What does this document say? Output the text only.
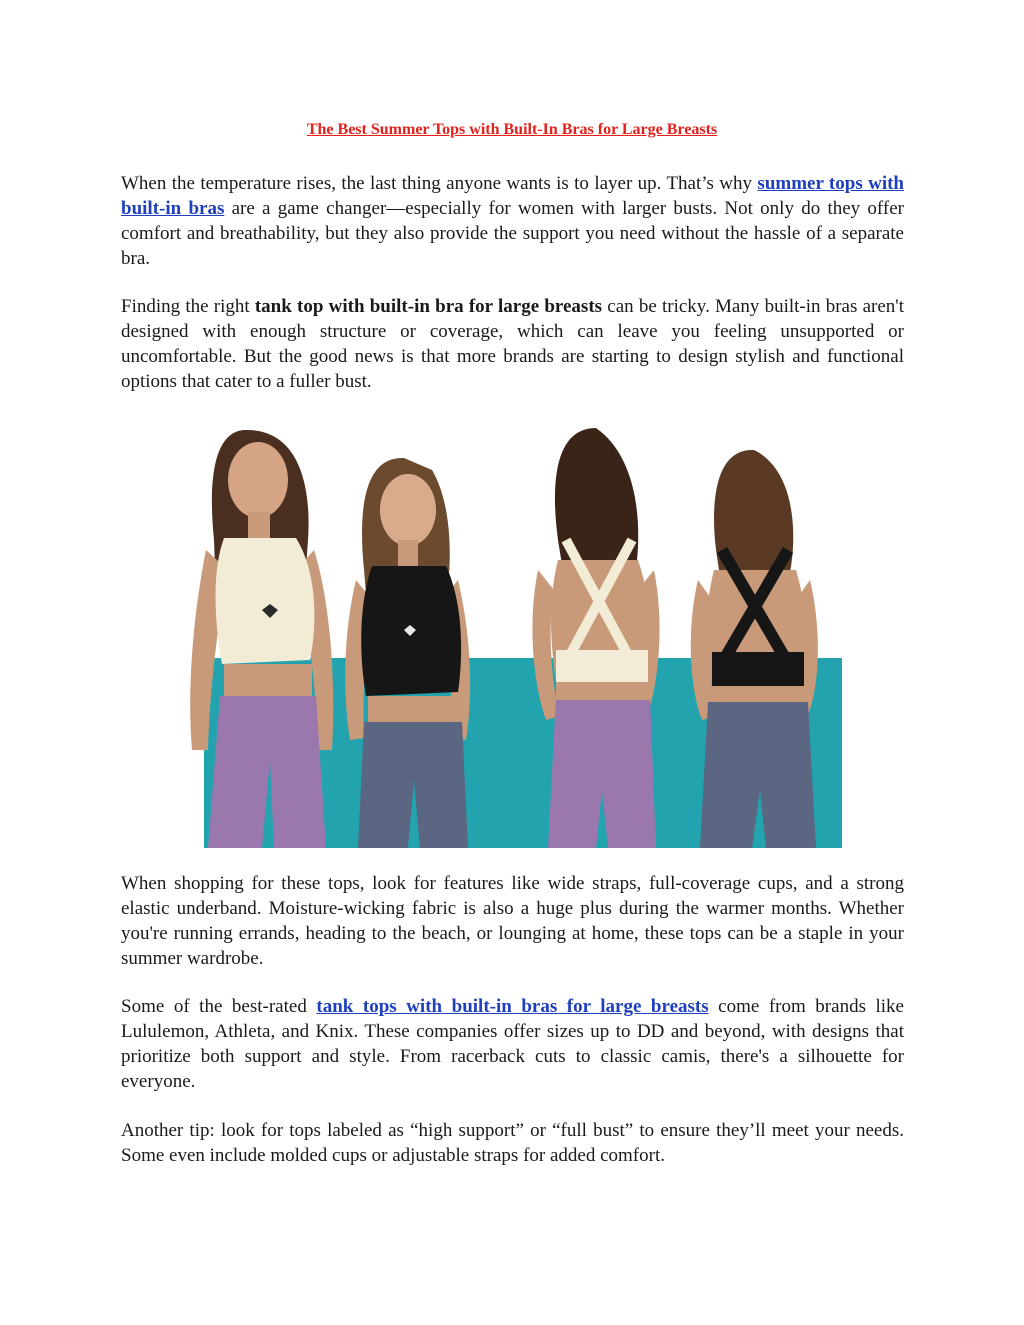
The Best Summer Tops with Built-In Bras for Large Breasts

When the temperature rises, the last thing anyone wants is to layer up. That’s why summer tops with built-in bras are a game changer—especially for women with larger busts. Not only do they offer comfort and breathability, but they also provide the support you need without the hassle of a separate bra.

Finding the right tank top with built-in bra for large breasts can be tricky. Many built-in bras aren't designed with enough structure or coverage, which can leave you feeling unsupported or uncomfortable. But the good news is that more brands are starting to design stylish and functional options that cater to a fuller bust.

When shopping for these tops, look for features like wide straps, full-coverage cups, and a strong elastic underband. Moisture-wicking fabric is also a huge plus during the warmer months. Whether you're running errands, heading to the beach, or lounging at home, these tops can be a staple in your summer wardrobe.

Some of the best-rated tank tops with built-in bras for large breasts come from brands like Lululemon, Athleta, and Knix. These companies offer sizes up to DD and beyond, with designs that prioritize both support and style. From racerback cuts to classic camis, there's a silhouette for everyone.

Another tip: look for tops labeled as “high support” or “full bust” to ensure they’ll meet your needs. Some even include molded cups or adjustable straps for added comfort.
